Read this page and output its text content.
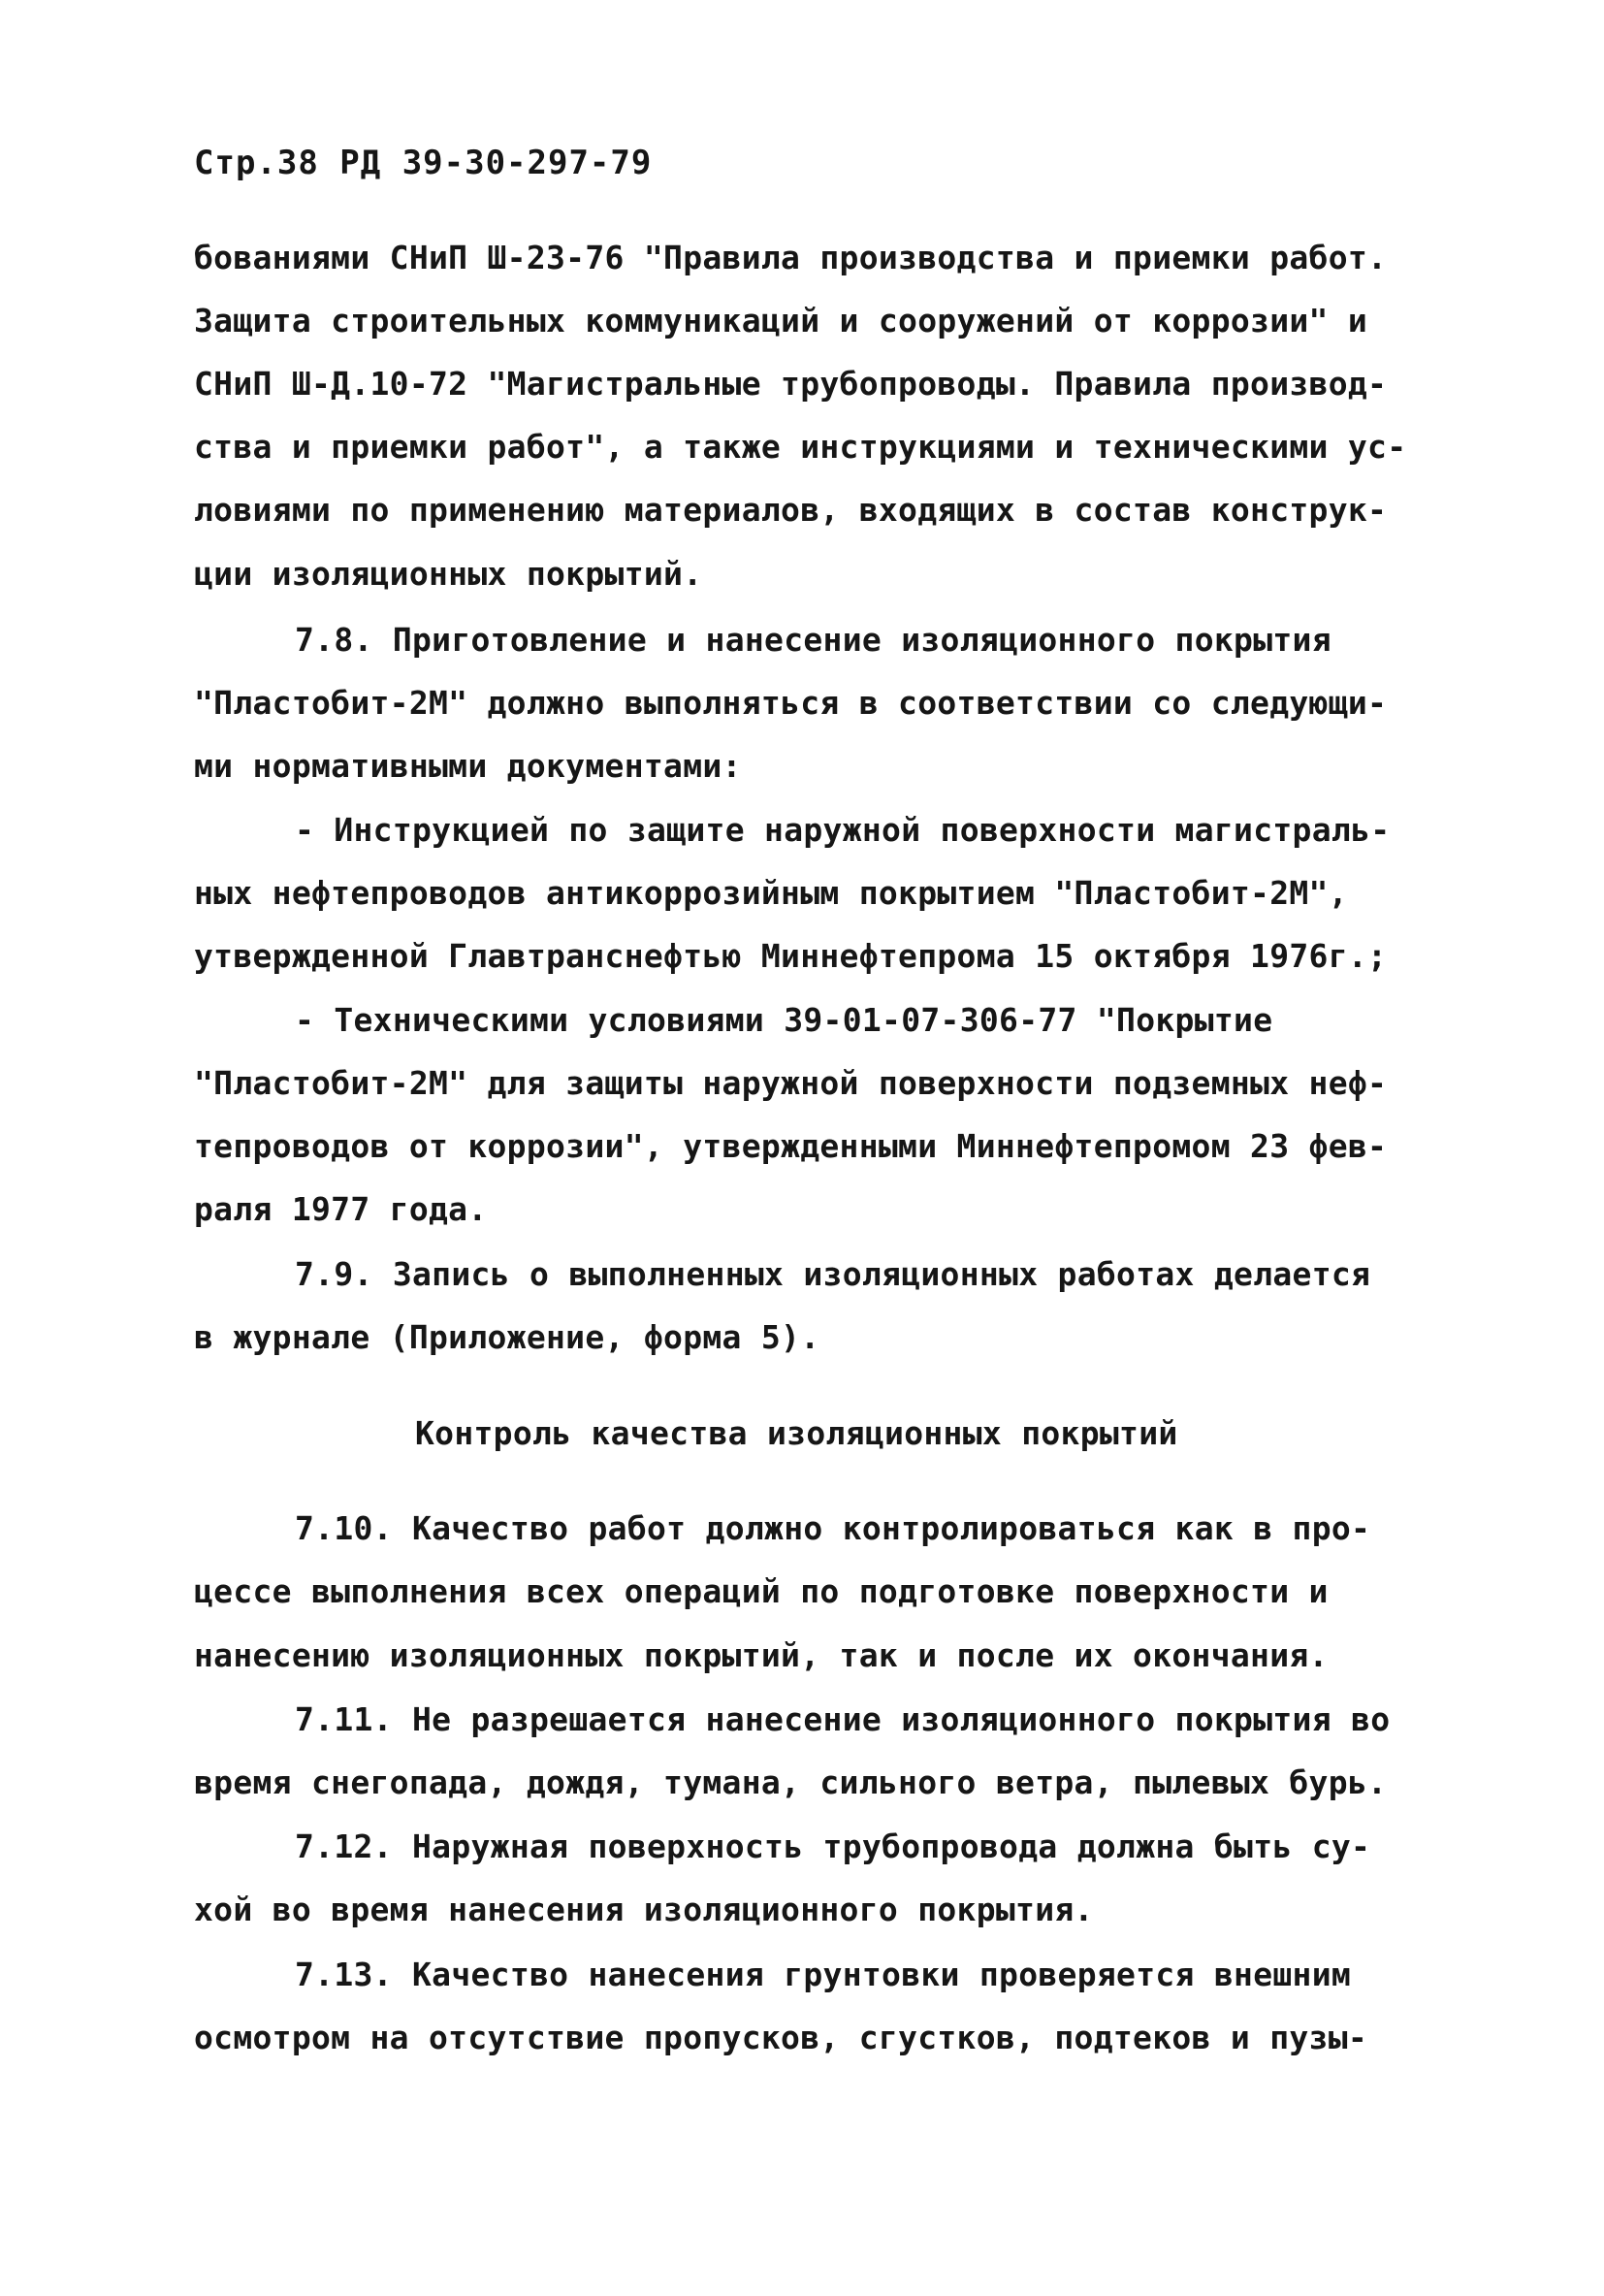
Стр.38 РД 39-30-297-79
бованиями СНиП Ш-23-76 "Правила производства и приемки работ.
Защита строительных коммуникаций и сооружений от коррозии" и
СНиП Ш-Д.10-72 "Магистральные трубопроводы. Правила производ-
ства и приемки работ", а также инструкциями и техническими ус-
ловиями по применению материалов, входящих в состав конструк-
ции изоляционных покрытий.
7.8. Приготовление и нанесение изоляционного покрытия
"Пластобит-2М" должно выполняться в соответствии со следующи-
ми нормативными документами:
- Инструкцией по защите наружной поверхности магистраль-
ных нефтепроводов антикоррозийным покрытием "Пластобит-2М",
утвержденной Главтранснефтью Миннефтепрома 15 октября 1976г.;
- Техническими условиями 39-01-07-306-77 "Покрытие
"Пластобит-2М" для защиты наружной поверхности подземных неф-
тепроводов от коррозии", утвержденными Миннефтепромом 23 фев-
раля 1977 года.
7.9. Запись о выполненных изоляционных работах делается
в журнале (Приложение, форма 5).
Контроль качества изоляционных покрытий
7.10. Качество работ должно контролироваться как в про-
цессе выполнения всех операций по подготовке поверхности и
нанесению изоляционных покрытий, так и после их окончания.
7.11. Не разрешается нанесение изоляционного покрытия во
время снегопада, дождя, тумана, сильного ветра, пылевых бурь.
7.12. Наружная поверхность трубопровода должна быть су-
хой во время нанесения изоляционного покрытия.
7.13. Качество нанесения грунтовки проверяется внешним
осмотром на отсутствие пропусков, сгустков, подтеков и пузы-
